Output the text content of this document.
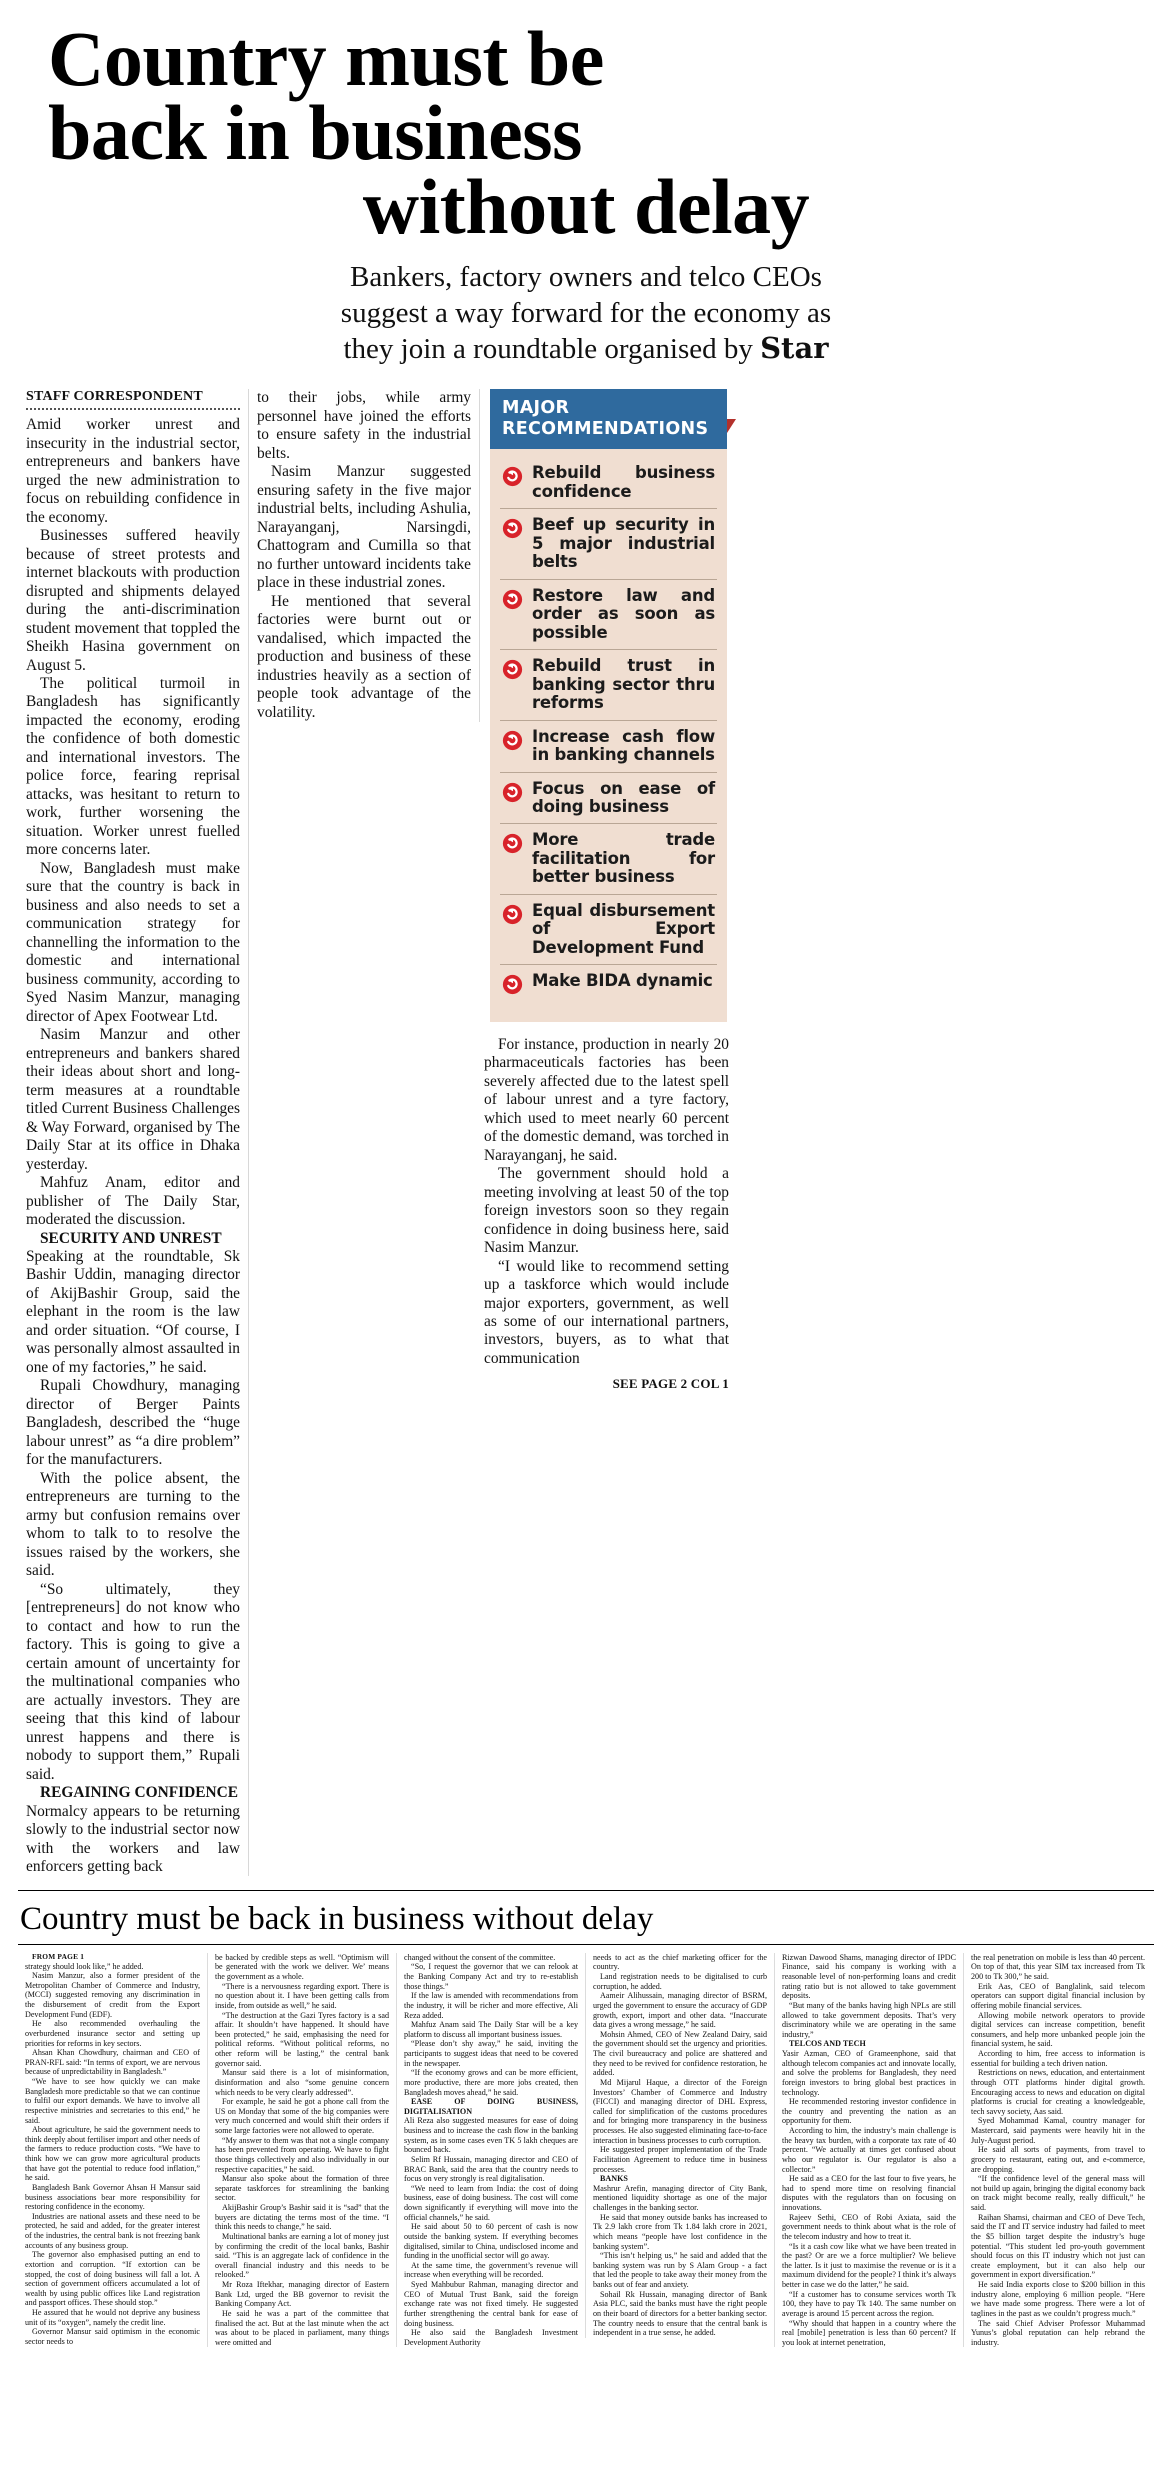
Country must be
back in business
without delay
Bankers, factory owners and telco CEOs
suggest a way forward for the economy as
they join a roundtable organised by Star
STAFF CORRESPONDENT

Amid worker unrest and insecurity in the industrial sector, entrepreneurs and bankers have urged the new administration to focus on rebuilding confidence in the economy.

Businesses suffered heavily because of street protests and internet blackouts with production disrupted and shipments delayed during the anti-discrimination student movement that toppled the Sheikh Hasina government on August 5.

The political turmoil in Bangladesh has significantly impacted the economy, eroding the confidence of both domestic and international investors. The police force, fearing reprisal attacks, was hesitant to return to work, further worsening the situation. Worker unrest fuelled more concerns later.

Now, Bangladesh must make sure that the country is back in business and also needs to set a communication strategy for channelling the information to the domestic and international business community, according to Syed Nasim Manzur, managing director of Apex Footwear Ltd.

Nasim Manzur and other entrepreneurs and bankers shared their ideas about short and long-term measures at a roundtable titled Current Business Challenges & Way Forward, organised by The Daily Star at its office in Dhaka yesterday.

Mahfuz Anam, editor and publisher of The Daily Star, moderated the discussion.

SECURITY AND UNREST

Speaking at the roundtable, Sk Bashir Uddin, managing director of AkijBashir Group, said the elephant in the room is the law and order situation. “Of course, I was personally almost assaulted in one of my factories,” he said.

Rupali Chowdhury, managing director of Berger Paints Bangladesh, described the “huge labour unrest” as “a dire problem” for the manufacturers.

With the police absent, the entrepreneurs are turning to the army but confusion remains over whom to talk to to resolve the issues raised by the workers, she said.

“So ultimately, they [entrepreneurs] do not know who to contact and how to run the factory. This is going to give a certain amount of uncertainty for the multinational companies who are actually investors. They are seeing that this kind of labour unrest happens and there is nobody to support them,” Rupali said.

REGAINING CONFIDENCE

Normalcy appears to be returning slowly to the industrial sector now with the workers and law enforcers getting back

to their jobs, while army personnel have joined the efforts to ensure safety in the industrial belts.

Nasim Manzur suggested ensuring safety in the five major industrial belts, including Ashulia, Narayanganj, Narsingdi, Chattogram and Cumilla so that no further untoward incidents take place in these industrial zones.

He mentioned that several factories were burnt out or vandalised, which impacted the production and business of these industries heavily as a section of people took advantage of the volatility.

MAJOR RECOMMENDATIONS
Rebuild business confidence
Beef up security in 5 major industrial belts
Restore law and order as soon as possible
Rebuild trust in banking sector thru reforms
Increase cash flow in banking channels
Focus on ease of doing business
More trade facilitation for better business
Equal disbursement of Export Development Fund
Make BIDA dynamic

For instance, production in nearly 20 pharmaceuticals factories has been severely affected due to the latest spell of labour unrest and a tyre factory, which used to meet nearly 60 percent of the domestic demand, was torched in Narayanganj, he said.

The government should hold a meeting involving at least 50 of the top foreign investors soon so they regain confidence in doing business here, said Nasim Manzur.

“I would like to recommend setting up a taskforce which would include major exporters, government, as well as some of our international partners, investors, buyers, as to what that communication

SEE PAGE 2 COL 1
Country must be back in business without delay

FROM PAGE 1

strategy should look like,” he added.

Nasim Manzur, also a former president of the Metropolitan Chamber of Commerce and Industry, (MCCI) suggested removing any discrimination in the disbursement of credit from the Export Development Fund (EDF).

He also recommended overhauling the overburdened insurance sector and setting up priorities for reforms in key sectors.

Ahsan Khan Chowdhury, chairman and CEO of PRAN-RFL said: “In terms of export, we are nervous because of unpredictability in Bangladesh.”

“We have to see how quickly we can make Bangladesh more predictable so that we can continue to fulfil our export demands. We have to involve all respective ministries and secretaries to this end,” he said.

About agriculture, he said the government needs to think deeply about fertiliser import and other needs of the farmers to reduce production costs. “We have to think how we can grow more agricultural products that have got the potential to reduce food inflation,” he said.

Bangladesh Bank Governor Ahsan H Mansur said business associations bear more responsibility for restoring confidence in the economy.

Industries are national assets and these need to be protected, he said and added, for the greater interest of the industries, the central bank is not freezing bank accounts of any business group.

The governor also emphasised putting an end to extortion and corruption. “If extortion can be stopped, the cost of doing business will fall a lot. A section of government officers accumulated a lot of wealth by using public offices like Land registration and passport offices. These should stop.”

He assured that he would not deprive any business unit of its “oxygen”, namely the credit line.

Governor Mansur said optimism in the economic sector needs to

be backed by credible steps as well. “Optimism will be generated with the work we deliver. We’ means the government as a whole.

“There is a nervousness regarding export. There is no question about it. I have been getting calls from inside, from outside as well,” he said.

“The destruction at the Gazi Tyres factory is a sad affair. It shouldn’t have happened. It should have been protected,” he said, emphasising the need for political reforms. “Without political reforms, no other reform will be lasting,” the central bank governor said.

Mansur said there is a lot of misinformation, disinformation and also “some genuine concern which needs to be very clearly addressed”.

For example, he said he got a phone call from the US on Monday that some of the big companies were very much concerned and would shift their orders if some large factories were not allowed to operate.

“My answer to them was that not a single company has been prevented from operating. We have to fight those things collectively and also individually in our respective capacities,” he said.

Mansur also spoke about the formation of three separate taskforces for streamlining the banking sector.

AkijBashir Group’s Bashir said it is “sad” that the buyers are dictating the terms most of the time. “I think this needs to change,” he said.

Multinational banks are earning a lot of money just by confirming the credit of the local banks, Bashir said. “This is an aggregate lack of confidence in the overall financial industry and this needs to be relooked.”

Mr Roza Iftekhar, managing director of Eastern Bank Ltd, urged the BB governor to revisit the Banking Company Act.

He said he was a part of the committee that finalised the act. But at the last minute when the act was about to be placed in parliament, many things were omitted and

changed without the consent of the committee.

“So, I request the governor that we can relook at the Banking Company Act and try to re-establish those things.”

If the law is amended with recommendations from the industry, it will be richer and more effective, Ali Reza added.

Mahfuz Anam said The Daily Star will be a key platform to discuss all important business issues.

“Please don’t shy away,” he said, inviting the participants to suggest ideas that need to be covered in the newspaper.

“If the economy grows and can be more efficient, more productive, there are more jobs created, then Bangladesh moves ahead,” he said.

EASE OF DOING BUSINESS, DIGITALISATION

Ali Reza also suggested measures for ease of doing business and to increase the cash flow in the banking system, as in some cases even TK 5 lakh cheques are bounced back.

Selim Rf Hussain, managing director and CEO of BRAC Bank, said the area that the country needs to focus on very strongly is real digitalisation.

“We need to learn from India: the cost of doing business, ease of doing business. The cost will come down significantly if everything will move into the official channels,” he said.

He said about 50 to 60 percent of cash is now outside the banking system. If everything becomes digitalised, similar to China, undisclosed income and funding in the unofficial sector will go away.

At the same time, the government’s revenue will increase when everything will be recorded.

Syed Mahbubur Rahman, managing director and CEO of Mutual Trust Bank, said the foreign exchange rate was not fixed timely. He suggested further strengthening the central bank for ease of doing business.

He also said the Bangladesh Investment Development Authority

needs to act as the chief marketing officer for the country.

Land registration needs to be digitalised to curb corruption, he added.

Aameir Alihussain, managing director of BSRM, urged the government to ensure the accuracy of GDP growth, export, import and other data. “Inaccurate data gives a wrong message,” he said.

Mohsin Ahmed, CEO of New Zealand Dairy, said the government should set the urgency and priorities. The civil bureaucracy and police are shattered and they need to be revived for confidence restoration, he added.

Md Mijarul Haque, a director of the Foreign Investors’ Chamber of Commerce and Industry (FICCI) and managing director of DHL Express, called for simplification of the customs procedures and for bringing more transparency in the business processes. He also suggested eliminating face-to-face interaction in business processes to curb corruption.

He suggested proper implementation of the Trade Facilitation Agreement to reduce time in business processes.

BANKS

Mashrur Arefin, managing director of City Bank, mentioned liquidity shortage as one of the major challenges in the banking sector.

He said that money outside banks has increased to Tk 2.9 lakh crore from Tk 1.84 lakh crore in 2021, which means “people have lost confidence in the banking system”.

“This isn’t helping us,” he said and added that the banking system was run by S Alam Group - a fact that led the people to take away their money from the banks out of fear and anxiety.

Sohail Rk Hussain, managing director of Bank Asia PLC, said the banks must have the right people on their board of directors for a better banking sector. The country needs to ensure that the central bank is independent in a true sense, he added.

Rizwan Dawood Shams, managing director of IPDC Finance, said his company is working with a reasonable level of non-performing loans and credit rating ratio but is not allowed to take government deposits.

“But many of the banks having high NPLs are still allowed to take government deposits. That’s very discriminatory while we are operating in the same industry,”

TELCOS AND TECH

Yasir Azman, CEO of Grameenphone, said that although telecom companies act and innovate locally, and solve the problems for Bangladesh, they need foreign investors to bring global best practices in technology.

He recommended restoring investor confidence in the country and preventing the nation as an opportunity for them.

According to him, the industry’s main challenge is the heavy tax burden, with a corporate tax rate of 40 percent. “We actually at times get confused about who our regulator is. Our regulator is also a collector.”

He said as a CEO for the last four to five years, he had to spend more time on resolving financial disputes with the regulators than on focusing on innovations.

Rajeev Sethi, CEO of Robi Axiata, said the government needs to think about what is the role of the telecom industry and how to treat it.

“Is it a cash cow like what we have been treated in the past? Or are we a force multiplier? We believe the latter. Is it just to maximise the revenue or is it a maximum dividend for the people? I think it’s always better in case we do the latter,” he said.

“If a customer has to consume services worth Tk 100, they have to pay Tk 140. The same number on average is around 15 percent across the region.

“Why should that happen in a country where the real [mobile] penetration is less than 60 percent? If you look at internet penetration,

the real penetration on mobile is less than 40 percent. On top of that, this year SIM tax increased from Tk 200 to Tk 300,” he said.

Erik Aas, CEO of Banglalink, said telecom operators can support digital financial inclusion by offering mobile financial services.

Allowing mobile network operators to provide digital services can increase competition, benefit consumers, and help more unbanked people join the financial system, he said.

According to him, free access to information is essential for building a tech driven nation.

Restrictions on news, education, and entertainment through OTT platforms hinder digital growth. Encouraging access to news and education on digital platforms is crucial for creating a knowledgeable, tech savvy society, Aas said.

Syed Mohammad Kamal, country manager for Mastercard, said payments were heavily hit in the July-August period.

He said all sorts of payments, from travel to grocery to restaurant, eating out, and e-commerce, are dropping.

“If the confidence level of the general mass will not build up again, bringing the digital economy back on track might become really, really difficult,” he said.

Raihan Shamsi, chairman and CEO of Deve Tech, said the IT and IT service industry had failed to meet the $5 billion target despite the industry’s huge potential. “This student led pro-youth government should focus on this IT industry which not just can create employment, but it can also help our government in export diversification.”

He said India exports close to $200 billion in this industry alone, employing 6 million people. “Here we have made some progress. There were a lot of taglines in the past as we couldn’t progress much.”

The said Chief Adviser Professor Muhammad Yunus’s global reputation can help rebrand the industry.
